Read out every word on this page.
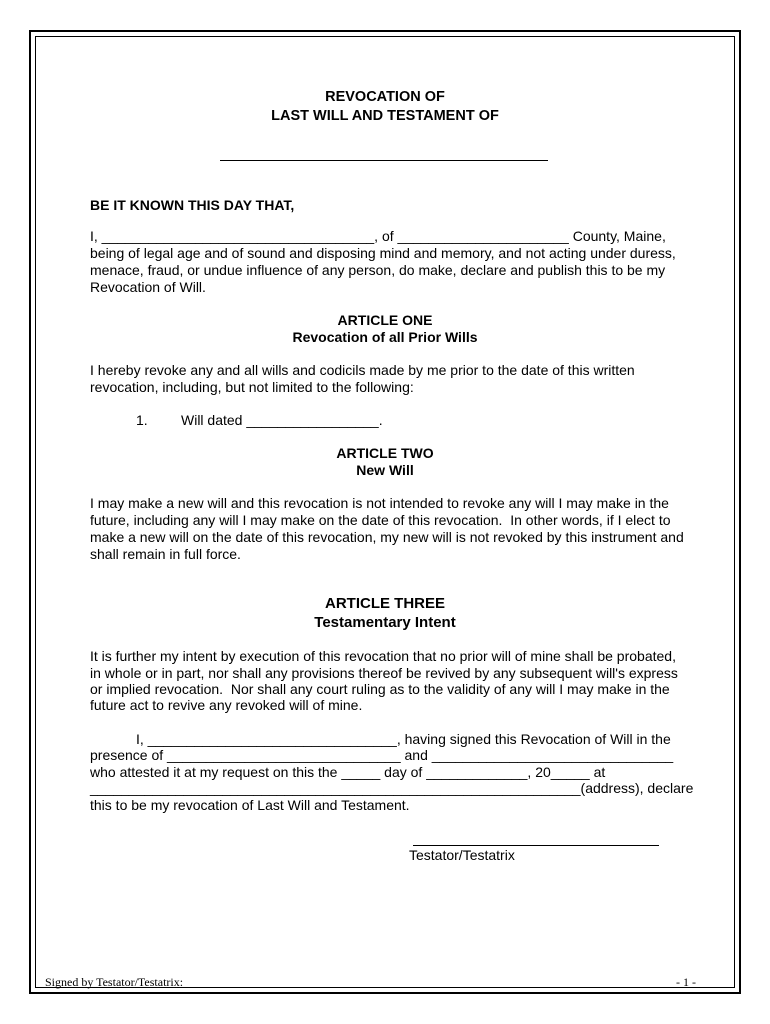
REVOCATION OF
LAST WILL AND TESTAMENT OF
BE IT KNOWN THIS DAY THAT,
I, ___________________________________, of ______________________ County, Maine,
being of legal age and of sound and disposing mind and memory, and not acting under duress,
menace, fraud, or undue influence of any person, do make, declare and publish this to be my
Revocation of Will.
ARTICLE ONE
Revocation of all Prior Wills
I hereby revoke any and all wills and codicils made by me prior to the date of this written
revocation, including, but not limited to the following:
1. Will dated _________________.
ARTICLE TWO
New Will
I may make a new will and this revocation is not intended to revoke any will I may make in the
future, including any will I may make on the date of this revocation.  In other words, if I elect to
make a new will on the date of this revocation, my new will is not revoked by this instrument and
shall remain in full force.
ARTICLE THREE
Testamentary Intent
It is further my intent by execution of this revocation that no prior will of mine shall be probated,
in whole or in part, nor shall any provisions thereof be revived by any subsequent will's express
or implied revocation.  Nor shall any court ruling as to the validity of any will I may make in the
future act to revive any revoked will of mine.
I, ________________________________, having signed this Revocation of Will in the
presence of ______________________________ and _______________________________
who attested it at my request on this the _____ day of _____________, 20_____ at
_______________________________________________________________(address), declare
this to be my revocation of Last Will and Testament.
Testator/Testatrix
Signed by Testator/Testatrix: _______________________________________	- 1 -
